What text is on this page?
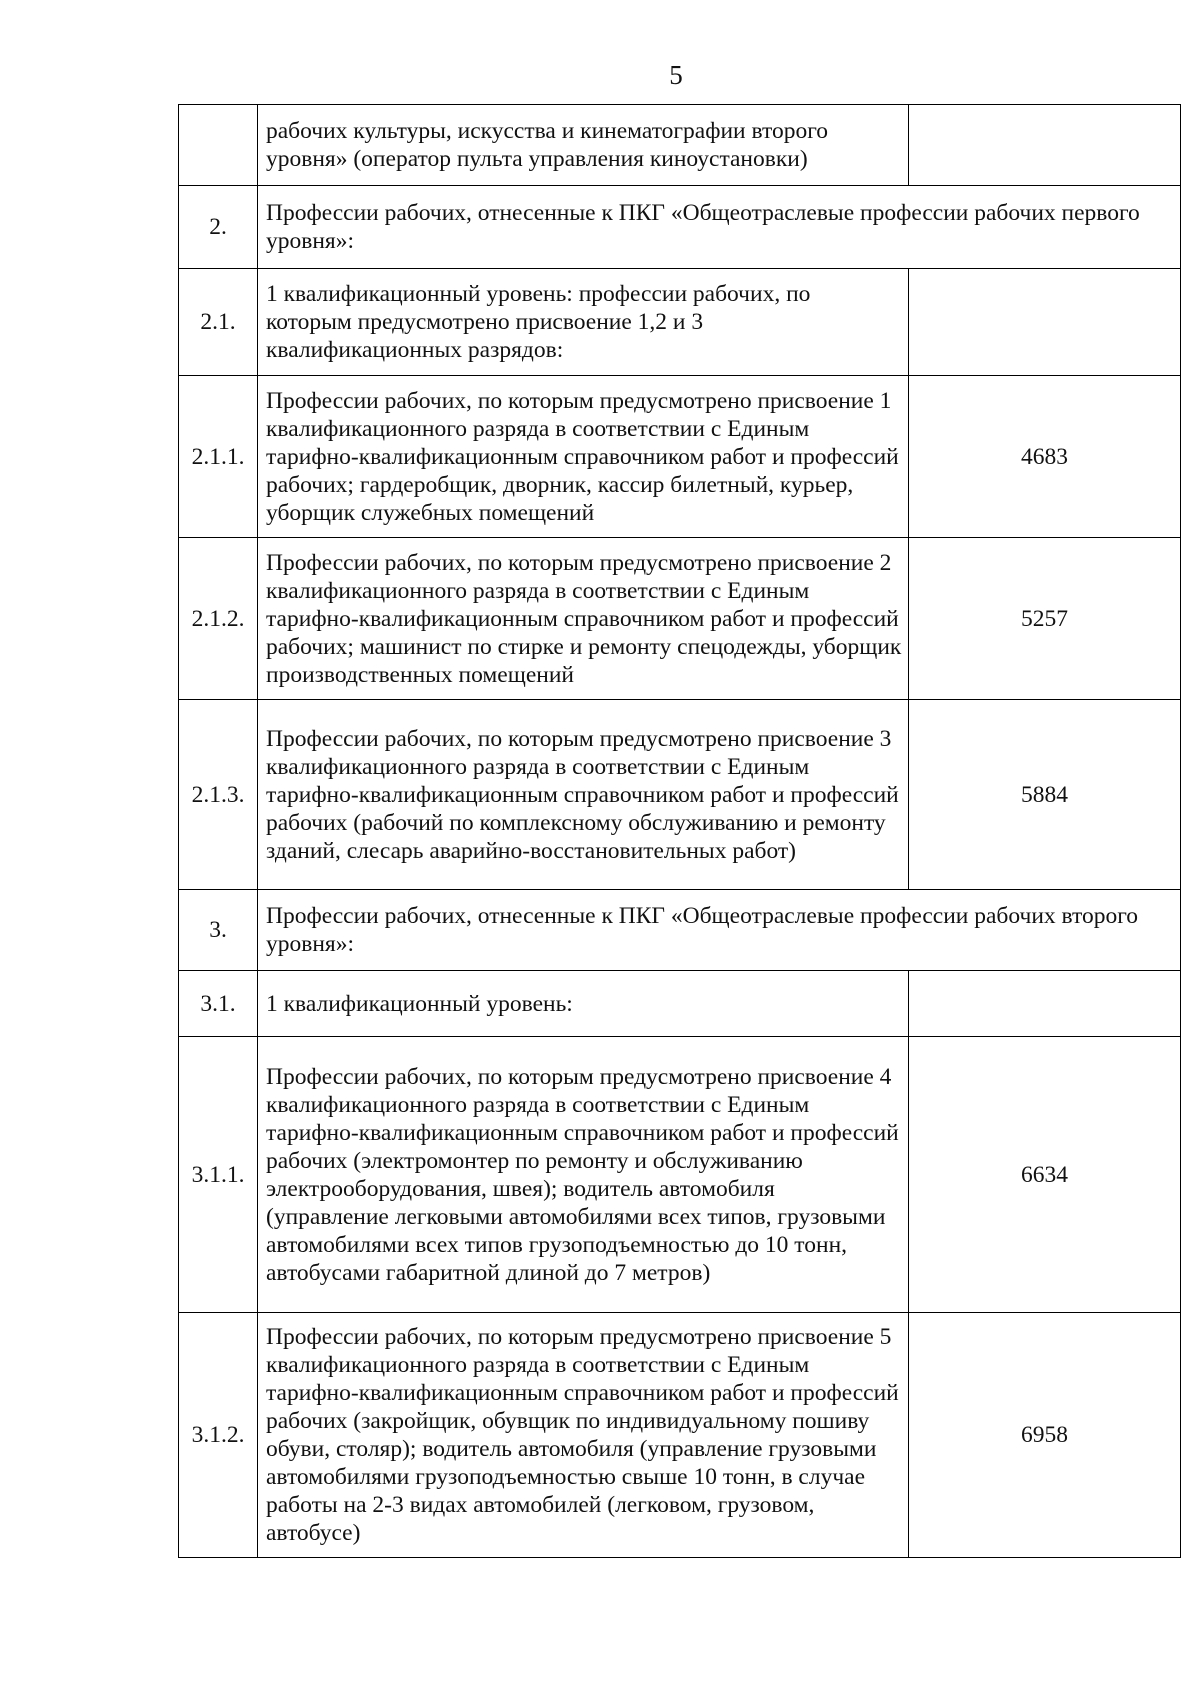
5
	рабочих культуры, искусства и кинематографии второго уровня» (оператор пульта управления киноустановки)	
2.	Профессии рабочих, отнесенные к ПКГ «Общеотраслевые профессии рабочих первого уровня»:	
2.1.	1 квалификационный уровень: профессии рабочих, по которым предусмотрено присвоение 1,2 и 3 квалификационных разрядов:	
2.1.1.	Профессии рабочих, по которым предусмотрено присвоение 1 квалификационного разряда в соответствии с Единым тарифно-квалификационным справочником работ и профессий рабочих; гардеробщик, дворник, кассир билетный, курьер, уборщик служебных помещений	4683
2.1.2.	Профессии рабочих, по которым предусмотрено присвоение 2 квалификационного разряда в соответствии с Единым тарифно-квалификационным справочником работ и профессий рабочих; машинист по стирке и ремонту спецодежды, уборщик производственных помещений	5257
2.1.3.	Профессии рабочих, по которым предусмотрено присвоение 3 квалификационного разряда в соответствии с Единым тарифно-квалификационным справочником работ и профессий рабочих (рабочий по комплексному обслуживанию и ремонту зданий, слесарь аварийно-восстановительных работ)	5884
3.	Профессии рабочих, отнесенные к ПКГ «Общеотраслевые профессии рабочих второго уровня»:	
3.1.	1 квалификационный уровень:	
3.1.1.	Профессии рабочих, по которым предусмотрено присвоение 4 квалификационного разряда в соответствии с Единым тарифно-квалификационным справочником работ и профессий рабочих (электромонтер по ремонту и обслуживанию электрооборудования, швея); водитель автомобиля (управление легковыми автомобилями всех типов, грузовыми автомобилями всех типов грузоподъемностью до 10 тонн, автобусами габаритной длиной до 7 метров)	6634
3.1.2.	Профессии рабочих, по которым предусмотрено присвоение 5 квалификационного разряда в соответствии с Единым тарифно-квалификационным справочником работ и профессий рабочих (закройщик, обувщик по индивидуальному пошиву обуви, столяр); водитель автомобиля (управление грузовыми автомобилями грузоподъемностью свыше 10 тонн, в случае работы на 2-3 видах автомобилей (легковом, грузовом, автобусе)	6958
